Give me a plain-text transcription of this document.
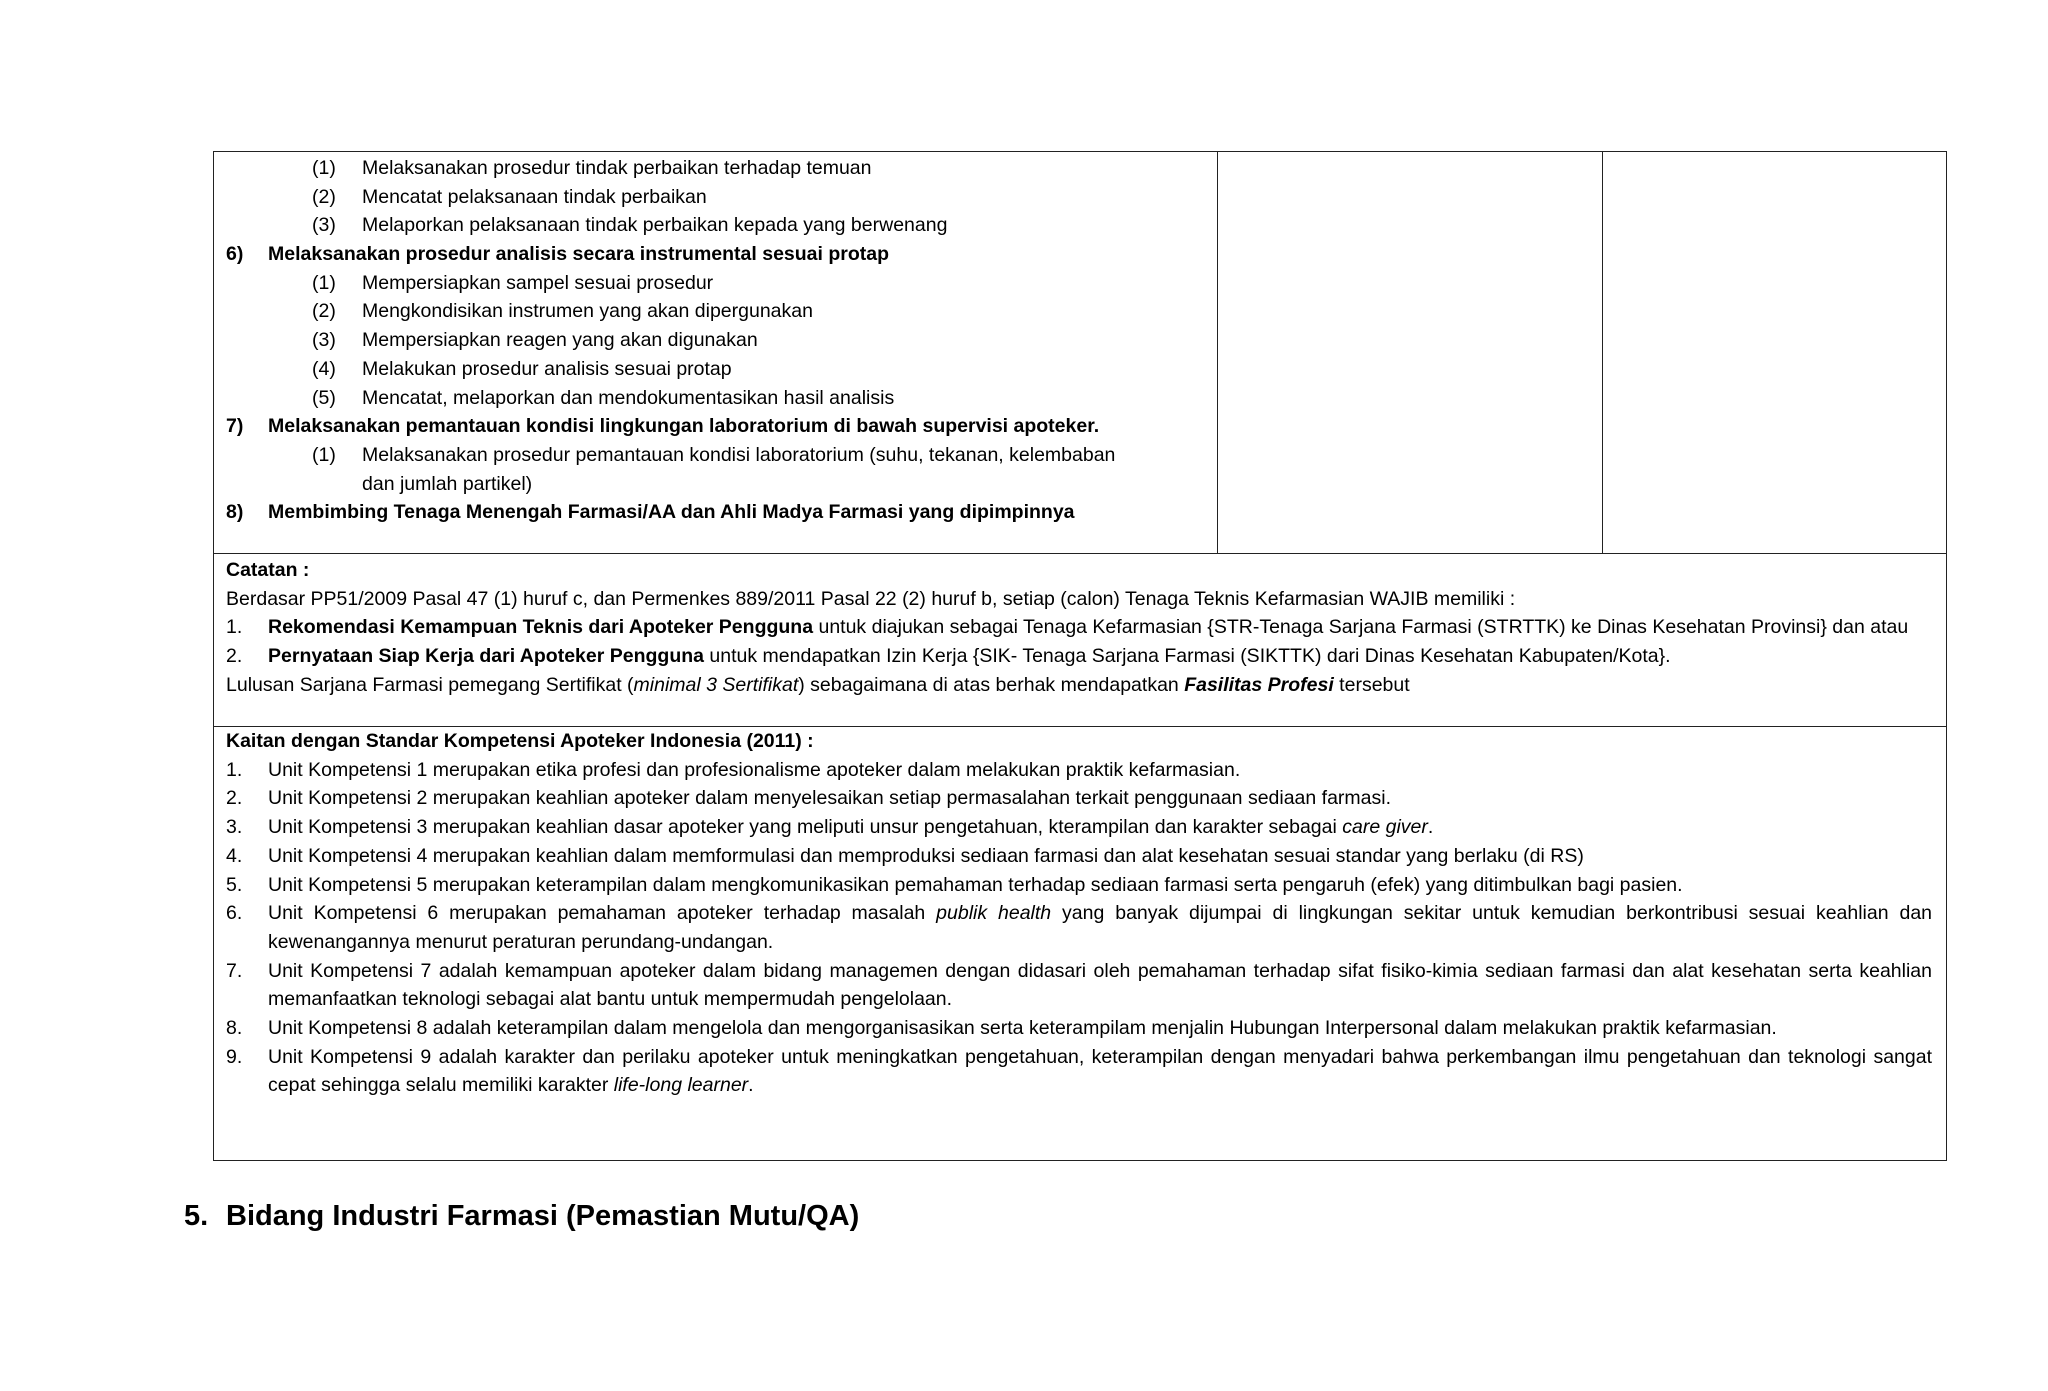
(1)	Melaksanakan prosedur tindak perbaikan terhadap temuan
(2)	Mencatat pelaksanaan tindak perbaikan
(3)	Melaporkan pelaksanaan tindak perbaikan kepada yang berwenang
6)	Melaksanakan prosedur analisis secara instrumental sesuai protap
(1)	Mempersiapkan sampel sesuai prosedur
(2)	Mengkondisikan instrumen yang akan dipergunakan
(3)	Mempersiapkan reagen yang akan digunakan
(4)	Melakukan prosedur analisis sesuai protap
(5)	Mencatat, melaporkan dan mendokumentasikan hasil analisis
7)	Melaksanakan pemantauan kondisi lingkungan laboratorium di bawah supervisi apoteker.
(1)	Melaksanakan prosedur pemantauan kondisi laboratorium (suhu, tekanan, kelembaban
dan jumlah partikel)
8)	Membimbing Tenaga Menengah Farmasi/AA dan Ahli Madya Farmasi yang dipimpinnya
Catatan :
Berdasar PP51/2009 Pasal 47 (1) huruf c, dan Permenkes 889/2011 Pasal 22 (2) huruf b, setiap (calon) Tenaga Teknis Kefarmasian WAJIB memiliki :
1.	Rekomendasi Kemampuan Teknis dari Apoteker Pengguna untuk diajukan sebagai Tenaga Kefarmasian {STR-Tenaga Sarjana Farmasi (STRTTK) ke Dinas Kesehatan Provinsi} dan atau
2.	Pernyataan Siap Kerja dari Apoteker Pengguna untuk mendapatkan Izin Kerja {SIK- Tenaga Sarjana Farmasi (SIKTTK) dari Dinas Kesehatan Kabupaten/Kota}.
Lulusan Sarjana Farmasi pemegang Sertifikat (minimal 3 Sertifikat) sebagaimana di atas berhak mendapatkan Fasilitas Profesi tersebut
Kaitan dengan Standar Kompetensi Apoteker Indonesia (2011) :
1.	Unit Kompetensi 1 merupakan etika profesi dan profesionalisme apoteker dalam melakukan praktik kefarmasian.
2.	Unit Kompetensi 2 merupakan keahlian apoteker dalam menyelesaikan setiap permasalahan terkait penggunaan sediaan farmasi.
3.	Unit Kompetensi 3 merupakan keahlian dasar apoteker yang meliputi unsur pengetahuan, kterampilan dan karakter sebagai care giver.
4.	Unit Kompetensi 4 merupakan keahlian dalam memformulasi dan memproduksi sediaan farmasi dan alat kesehatan sesuai standar yang berlaku (di RS)
5.	Unit Kompetensi 5 merupakan keterampilan dalam mengkomunikasikan pemahaman terhadap sediaan farmasi serta pengaruh (efek) yang ditimbulkan bagi pasien.
6.	Unit Kompetensi 6 merupakan pemahaman apoteker terhadap masalah publik health yang banyak dijumpai di lingkungan sekitar untuk kemudian berkontribusi sesuai keahlian dan kewenangannya menurut peraturan perundang-undangan.
7.	Unit Kompetensi 7 adalah kemampuan apoteker dalam bidang managemen dengan didasari oleh pemahaman terhadap sifat fisiko-kimia sediaan farmasi dan alat kesehatan serta keahlian memanfaatkan teknologi sebagai alat bantu untuk mempermudah pengelolaan.
8.	Unit Kompetensi 8 adalah keterampilan dalam mengelola dan mengorganisasikan serta keterampilam menjalin Hubungan Interpersonal dalam melakukan praktik kefarmasian.
9.	Unit Kompetensi 9 adalah karakter dan perilaku apoteker untuk meningkatkan pengetahuan, keterampilan dengan menyadari bahwa perkembangan ilmu pengetahuan dan teknologi sangat cepat sehingga selalu memiliki karakter life-long learner.
5. Bidang Industri Farmasi (Pemastian Mutu/QA)
